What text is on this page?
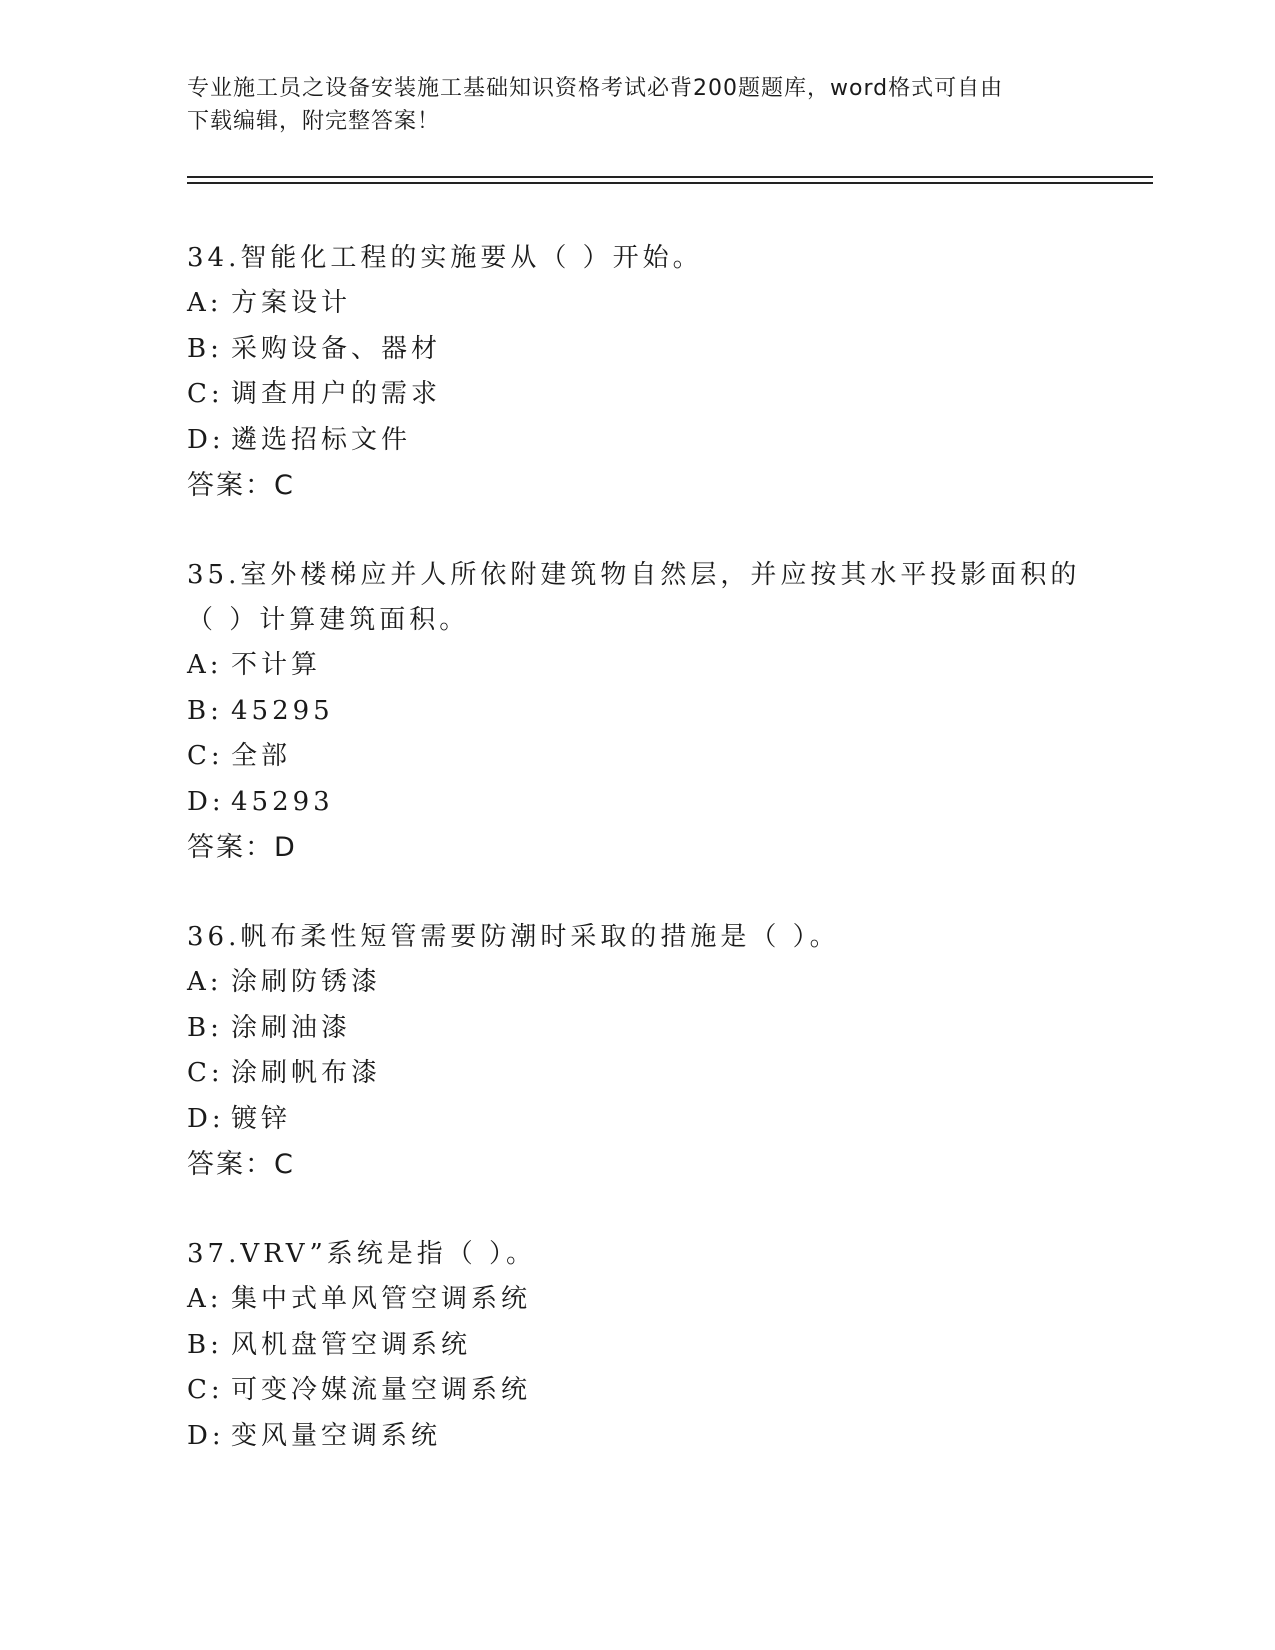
专业施工员之设备安装施工基础知识资格考试必背200题题库，word格式可自由
下载编辑，附完整答案！
34.智能化工程的实施要从（ ）开始。
A: 方案设计
B: 采购设备、器材
C: 调查用户的需求
D: 遴选招标文件
答案：C
35.室外楼梯应并人所依附建筑物自然层，并应按其水平投影面积的（ ）计算建筑面积。
A: 不计算
B: 45295
C: 全部
D: 45293
答案：D
36.帆布柔性短管需要防潮时采取的措施是（ ）。
A: 涂刷防锈漆
B: 涂刷油漆
C: 涂刷帆布漆
D: 镀锌
答案：C
37.VRV”系统是指（ ）。
A: 集中式单风管空调系统
B: 风机盘管空调系统
C: 可变冷媒流量空调系统
D: 变风量空调系统
